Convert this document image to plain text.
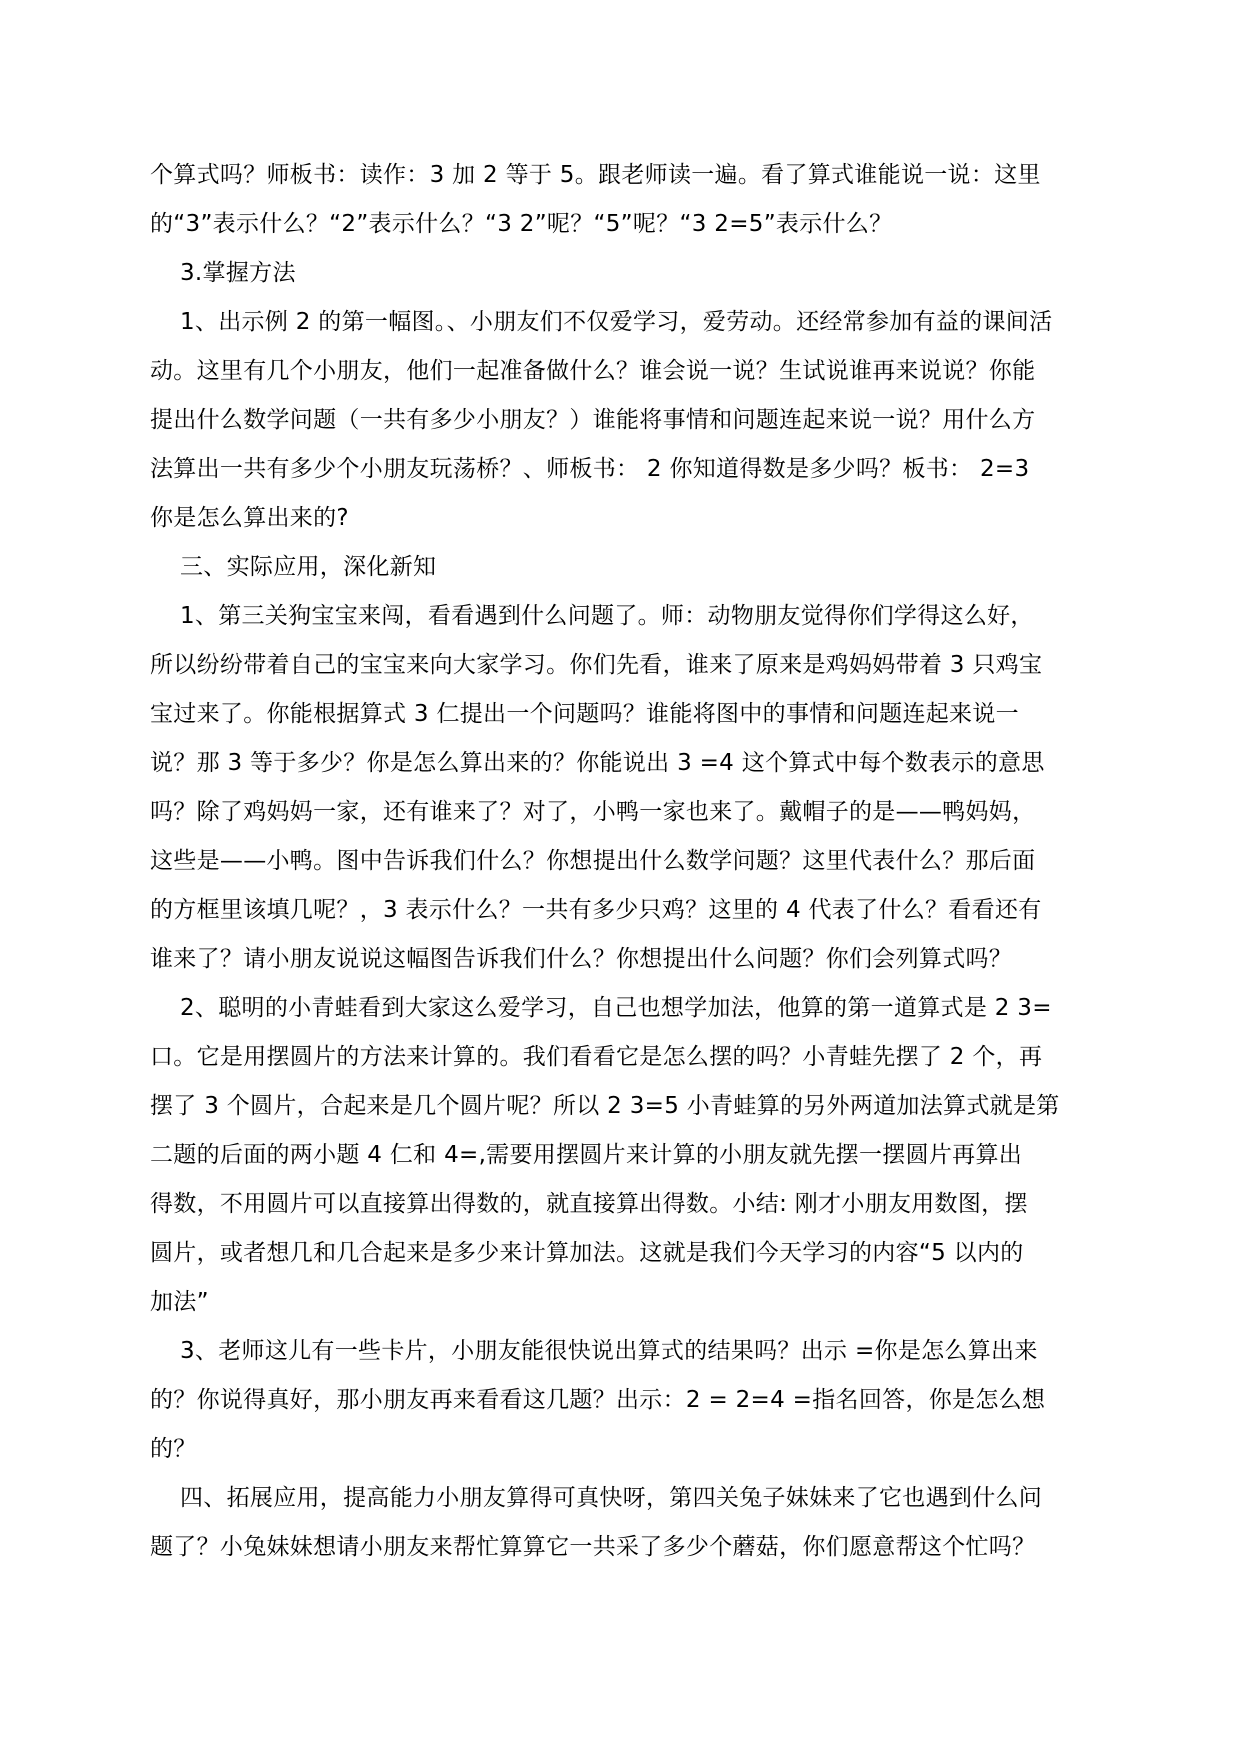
个算式吗？师板书：读作：3 加 2 等于 5。跟老师读一遍。看了算式谁能说一说：这里
的“3”表示什么？“2”表示什么？“3 2”呢？“5”呢？“3 2=5”表示什么？
3.掌握方法
1、出示例 2 的第一幅图。、小朋友们不仅爱学习，爱劳动。还经常参加有益的课间活
动。这里有几个小朋友，他们一起准备做什么？谁会说一说？生试说谁再来说说？你能
提出什么数学问题（一共有多少小朋友？）谁能将事情和问题连起来说一说？用什么方
法算出一共有多少个小朋友玩荡桥？、师板书： 2 你知道得数是多少吗？板书： 2=3
你是怎么算出来的?
三、实际应用，深化新知
1、第三关狗宝宝来闯，看看遇到什么问题了。师：动物朋友觉得你们学得这么好，
所以纷纷带着自己的宝宝来向大家学习。你们先看，谁来了原来是鸡妈妈带着 3 只鸡宝
宝过来了。你能根据算式 3 仁提出一个问题吗？谁能将图中的事情和问题连起来说一
说？那 3 等于多少？你是怎么算出来的？你能说出 3 =4 这个算式中每个数表示的意思
吗？除了鸡妈妈一家，还有谁来了？对了，小鸭一家也来了。戴帽子的是——鸭妈妈，
这些是——小鸭。图中告诉我们什么？你想提出什么数学问题？这里代表什么？那后面
的方框里该填几呢？，3 表示什么？一共有多少只鸡？这里的 4 代表了什么？看看还有
谁来了？请小朋友说说这幅图告诉我们什么？你想提出什么问题？你们会列算式吗？
2、聪明的小青蛙看到大家这么爱学习，自己也想学加法，他算的第一道算式是 2 3=
口。它是用摆圆片的方法来计算的。我们看看它是怎么摆的吗？小青蛙先摆了 2 个，再
摆了 3 个圆片，合起来是几个圆片呢？所以 2 3=5 小青蛙算的另外两道加法算式就是第
二题的后面的两小题 4 仁和 4=,需要用摆圆片来计算的小朋友就先摆一摆圆片再算出
得数，不用圆片可以直接算出得数的，就直接算出得数。小结: 刚才小朋友用数图，摆
圆片，或者想几和几合起来是多少来计算加法。这就是我们今天学习的内容“5 以内的
加法”
3、老师这儿有一些卡片，小朋友能很快说出算式的结果吗？出示 =你是怎么算出来
的？你说得真好，那小朋友再来看看这几题？出示：2 = 2=4 =指名回答，你是怎么想
的？
四、拓展应用，提高能力小朋友算得可真快呀，第四关兔子妹妹来了它也遇到什么问
题了？小兔妹妹想请小朋友来帮忙算算它一共采了多少个蘑菇，你们愿意帮这个忙吗？
